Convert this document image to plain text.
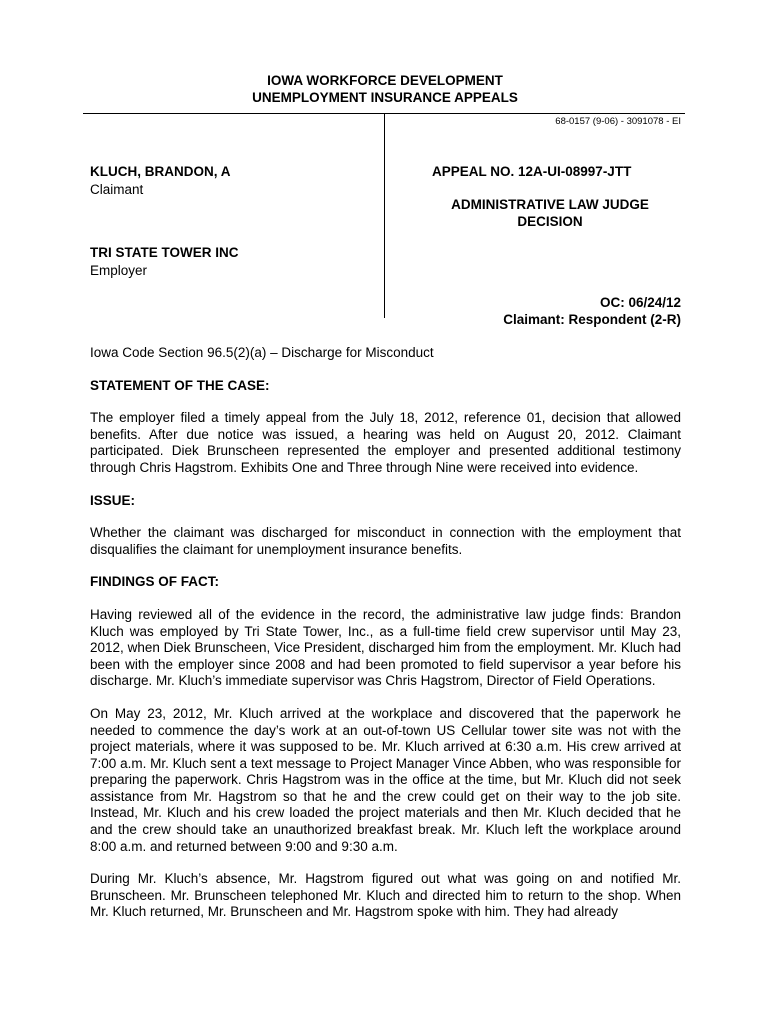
IOWA WORKFORCE DEVELOPMENT
UNEMPLOYMENT INSURANCE APPEALS
68-0157 (9-06) - 3091078 - EI
KLUCH, BRANDON, A
Claimant
TRI STATE TOWER INC
Employer
APPEAL NO. 12A-UI-08997-JTT
ADMINISTRATIVE LAW JUDGE
DECISION
OC: 06/24/12
Claimant: Respondent (2-R)

Iowa Code Section 96.5(2)(a) – Discharge for Misconduct

STATEMENT OF THE CASE:

The employer filed a timely appeal from the July 18, 2012, reference 01, decision that allowed benefits. After due notice was issued, a hearing was held on August 20, 2012. Claimant participated. Diek Brunscheen represented the employer and presented additional testimony through Chris Hagstrom. Exhibits One and Three through Nine were received into evidence.

ISSUE:

Whether the claimant was discharged for misconduct in connection with the employment that disqualifies the claimant for unemployment insurance benefits.

FINDINGS OF FACT:

Having reviewed all of the evidence in the record, the administrative law judge finds: Brandon Kluch was employed by Tri State Tower, Inc., as a full-time field crew supervisor until May 23, 2012, when Diek Brunscheen, Vice President, discharged him from the employment. Mr. Kluch had been with the employer since 2008 and had been promoted to field supervisor a year before his discharge. Mr. Kluch’s immediate supervisor was Chris Hagstrom, Director of Field Operations.

On May 23, 2012, Mr. Kluch arrived at the workplace and discovered that the paperwork he needed to commence the day’s work at an out-of-town US Cellular tower site was not with the project materials, where it was supposed to be. Mr. Kluch arrived at 6:30 a.m. His crew arrived at 7:00 a.m. Mr. Kluch sent a text message to Project Manager Vince Abben, who was responsible for preparing the paperwork. Chris Hagstrom was in the office at the time, but Mr. Kluch did not seek assistance from Mr. Hagstrom so that he and the crew could get on their way to the job site. Instead, Mr. Kluch and his crew loaded the project materials and then Mr. Kluch decided that he and the crew should take an unauthorized breakfast break. Mr. Kluch left the workplace around 8:00 a.m. and returned between 9:00 and 9:30 a.m.

During Mr. Kluch’s absence, Mr. Hagstrom figured out what was going on and notified Mr. Brunscheen. Mr. Brunscheen telephoned Mr. Kluch and directed him to return to the shop. When Mr. Kluch returned, Mr. Brunscheen and Mr. Hagstrom spoke with him. They had already
